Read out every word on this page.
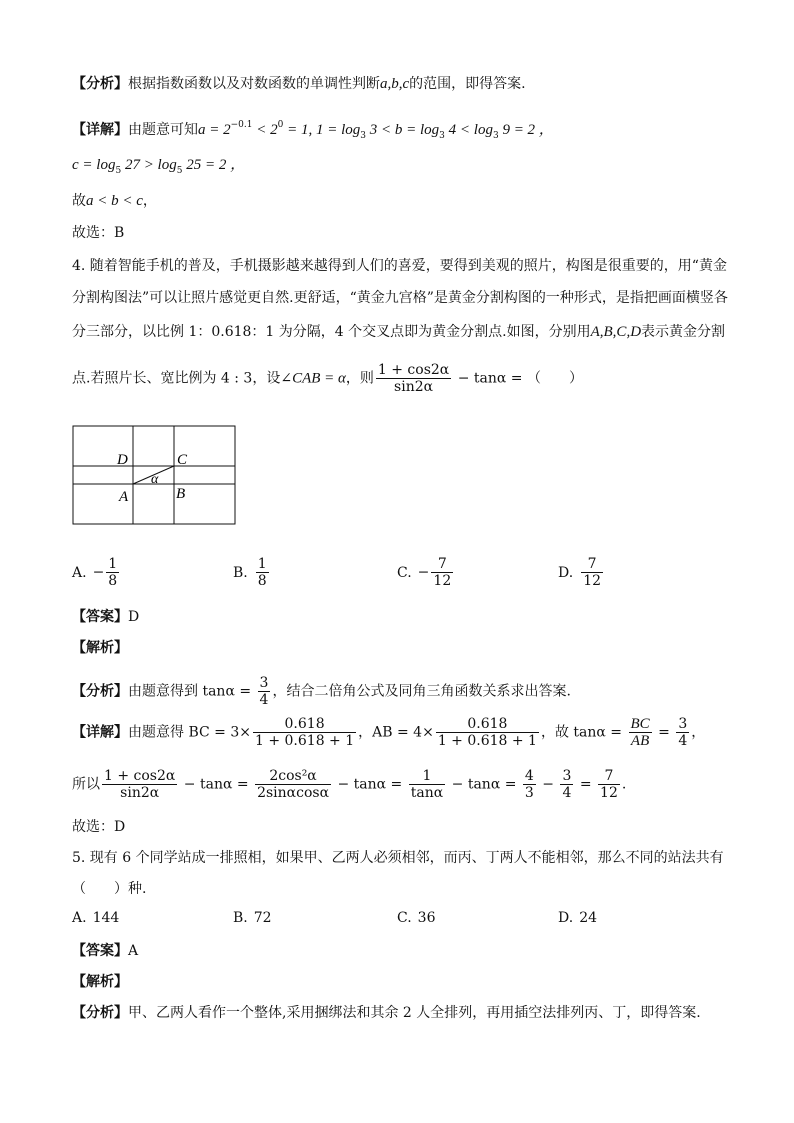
【分析】根据指数函数以及对数函数的单调性判断a,b,c的范围，即得答案.
【详解】由题意可知$a = 2^{-0.1} < 2^0 = 1$, $1 = \log_3 3 < b = \log_3 4 < \log_3 9 = 2$ ，
$c = \log_5 27 > \log_5 25 = 2$ ，
故a < b < c，
故选：B
4. 随着智能手机的普及，手机摄影越来越得到人们的喜爱，要得到美观的照片，构图是很重要的，用“黄金
分割构图法”可以让照片感觉更自然.更舒适，“黄金九宫格”是黄金分割构图的一种形式，是指把画面横竖各
分三部分，以比例 1：0.618：1 为分隔，4 个交叉点即为黄金分割点.如图，分别用A,B,C,D表示黄金分割
点.若照片长、宽比例为 4 : 3，设∠CAB = α，则 $\frac{1 + \cos 2\alpha}{\sin 2\alpha} - \tan\alpha$ = （　　）
D	C
A	B
α
A. − $\frac{1}{8}$	B. $\frac{1}{8}$	C. − $\frac{7}{12}$	D. $\frac{7}{12}$
【答案】D
【解析】
【分析】由题意得到 $\tan\alpha = \frac{3}{4}$ ，结合二倍角公式及同角三角函数关系求出答案.
【详解】由题意得 BC = $3\times \frac{0.618}{1 + 0.618 + 1}$ ，AB = $4\times \frac{0.618}{1 + 0.618 + 1}$ ，故 $\tan\alpha = \frac{BC}{AB} = \frac{3}{4}$ ，
所以 $\frac{1 + \cos 2\alpha}{\sin 2\alpha} - \tan\alpha = \frac{\text{2cos²α}}{2\sin\alpha\cos\alpha} - \tan\alpha = \frac{1}{\tan\alpha} - \tan\alpha = \frac{4}{3} - \frac{3}{4} = \frac{7}{12}$ .
故选：D
5. 现有 6 个同学站成一排照相，如果甲、乙两人必须相邻，而丙、丁两人不能相邻，那么不同的站法共有
（　　）种.
A. 144	B. 72	C. 36	D. 24
【答案】A
【解析】
【分析】甲、乙两人看作一个整体,采用捆绑法和其余 2 人全排列，再用插空法排列丙、丁，即得答案.
